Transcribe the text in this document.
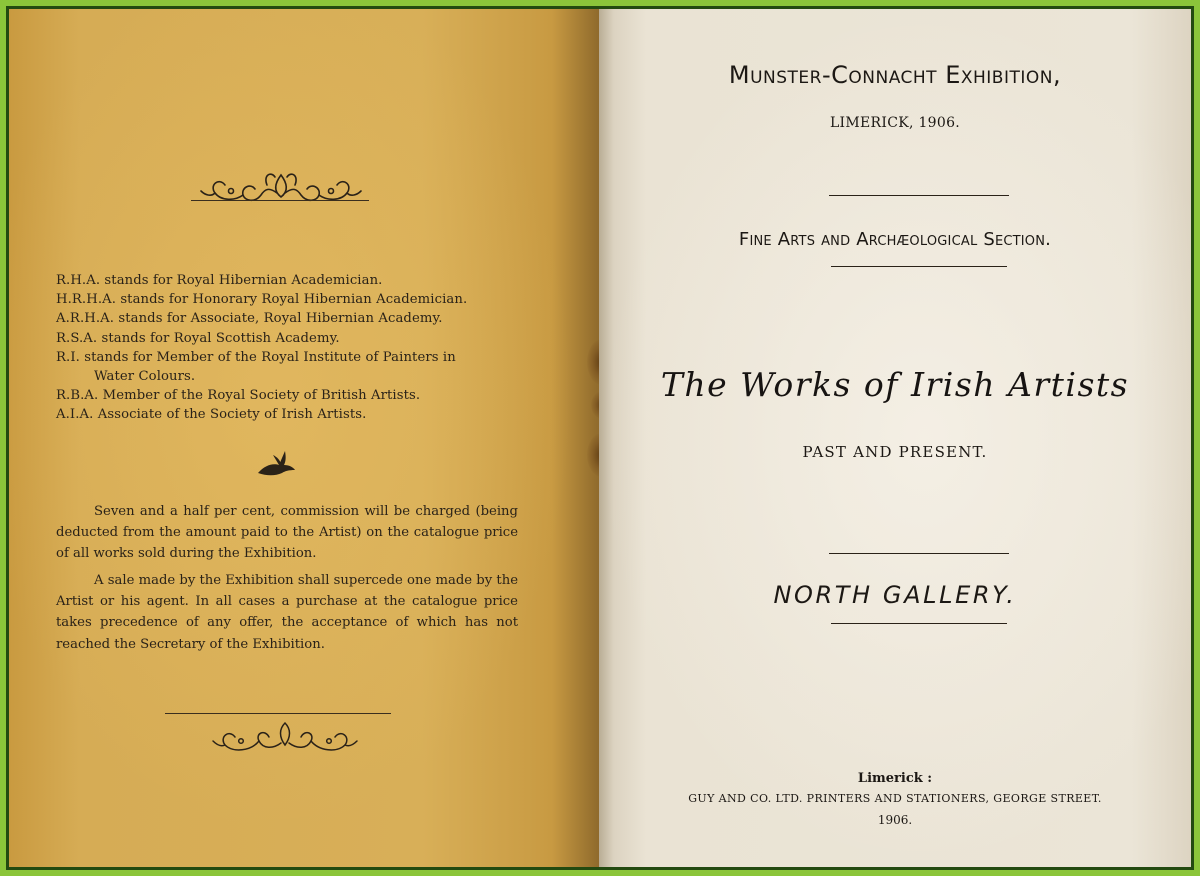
R.H.A. stands for Royal Hibernian Academician.
H.R.H.A. stands for Honorary Royal Hibernian Academician.
A.R.H.A. stands for Associate, Royal Hibernian Academy.
R.S.A. stands for Royal Scottish Academy.
R.I. stands for Member of the Royal Institute of Painters in
Water Colours.
R.B.A. Member of the Royal Society of British Artists.
A.I.A. Associate of the Society of Irish Artists.
Seven and a half per cent, commission will be charged (being deducted from the amount paid to the Artist) on the catalogue price of all works sold during the Exhibition.
A sale made by the Exhibition shall supercede one made by the Artist or his agent. In all cases a purchase at the catalogue price takes precedence of any offer, the acceptance of which has not reached the Secretary of the Exhibition.
Munster-Connacht Exhibition,
LIMERICK, 1906.
Fine Arts and Archæological Section.
The Works of Irish Artists
PAST AND PRESENT.
NORTH GALLERY.
Limerick :
GUY AND CO. LTD. PRINTERS AND STATIONERS, GEORGE STREET.
1906.
